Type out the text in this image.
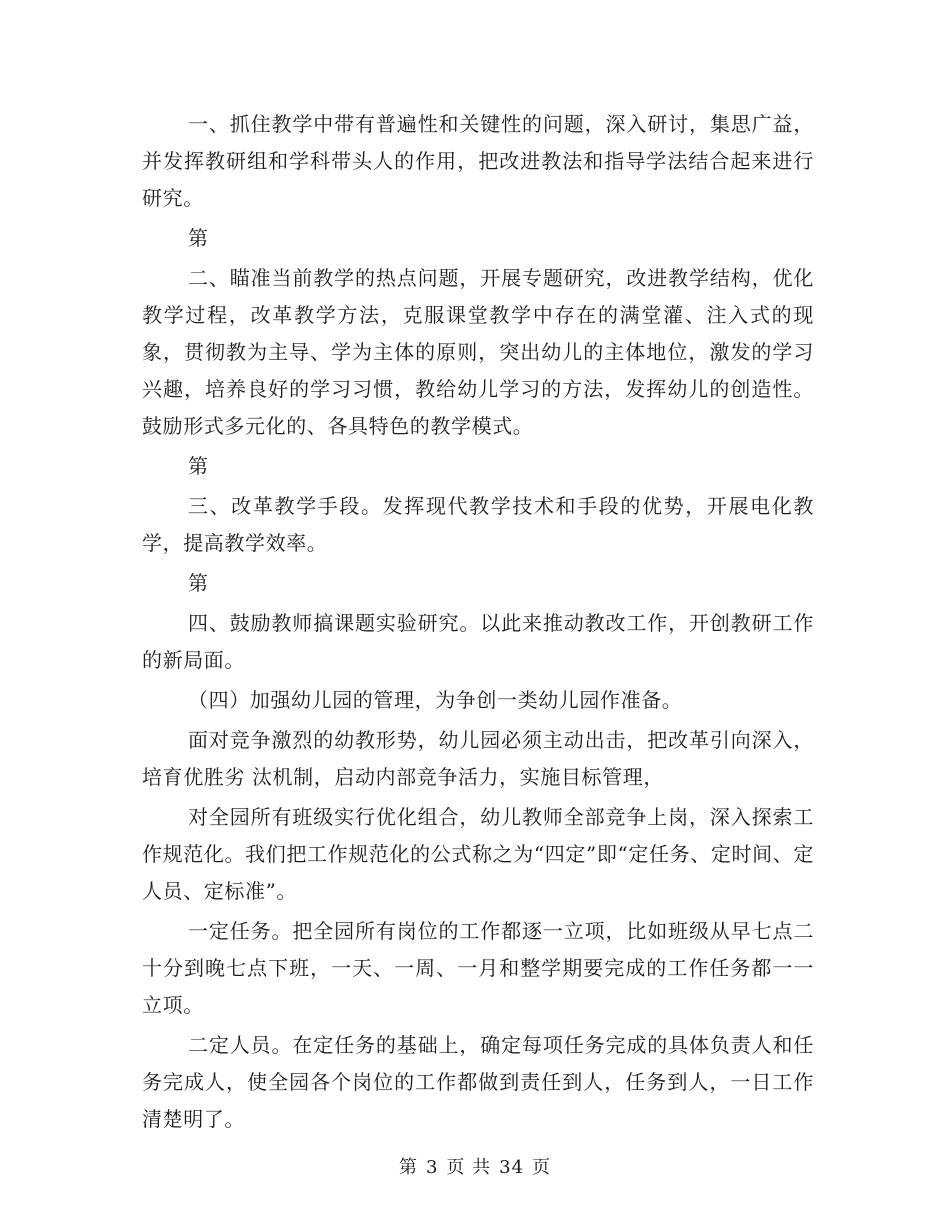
一、抓住教学中带有普遍性和关键性的问题，深入研讨，集思广益，并发挥教研组和学科带头人的作用，把改进教法和指导学法结合起来进行研究。

第

二、瞄准当前教学的热点问题，开展专题研究，改进教学结构，优化教学过程，改革教学方法，克服课堂教学中存在的满堂灌、注入式的现象，贯彻教为主导、学为主体的原则，突出幼儿的主体地位，激发的学习兴趣，培养良好的学习习惯，教给幼儿学习的方法，发挥幼儿的创造性。鼓励形式多元化的、各具特色的教学模式。

第

三、改革教学手段。发挥现代教学技术和手段的优势，开展电化教学，提高教学效率。

第

四、鼓励教师搞课题实验研究。以此来推动教改工作，开创教研工作的新局面。

（四）加强幼儿园的管理，为争创一类幼儿园作准备。

面对竞争激烈的幼教形势，幼儿园必须主动出击，把改革引向深入，培育优胜劣 汰机制，启动内部竞争活力，实施目标管理，

对全园所有班级实行优化组合，幼儿教师全部竞争上岗，深入探索工作规范化。我们把工作规范化的公式称之为“四定”即“定任务、定时间、定人员、定标准”。

一定任务。把全园所有岗位的工作都逐一立项，比如班级从早七点二十分到晚七点下班，一天、一周、一月和整学期要完成的工作任务都一一立项。

二定人员。在定任务的基础上，确定每项任务完成的具体负责人和任务完成人，使全园各个岗位的工作都做到责任到人，任务到人，一日工作清楚明了。

第 3 页 共 34 页
